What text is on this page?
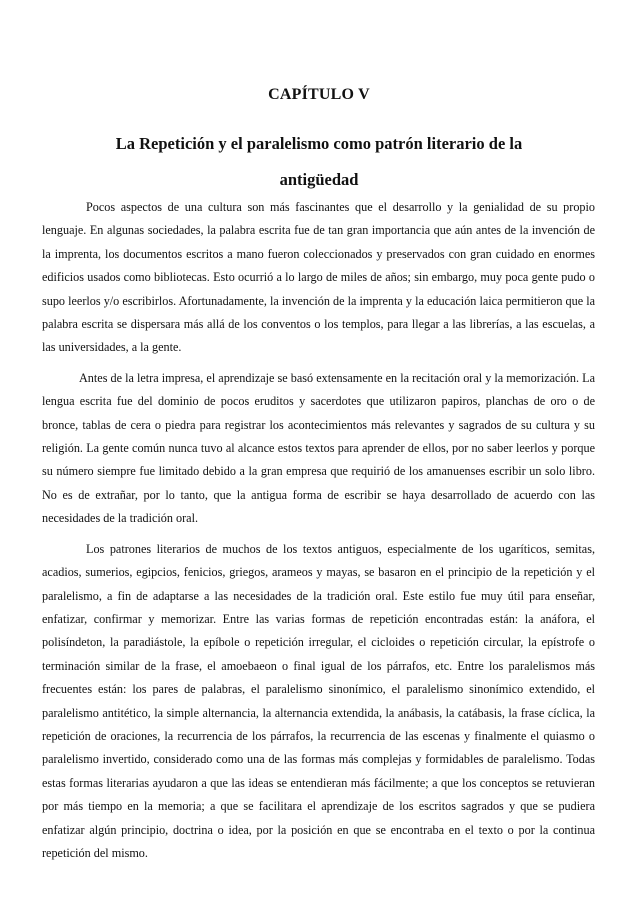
CAPÍTULO V
La Repetición y el paralelismo como patrón literario de la antigüedad

Pocos aspectos de una cultura son más fascinantes que el desarrollo y la genialidad de su propio lenguaje. En algunas sociedades, la palabra escrita fue de tan gran importancia que aún antes de la invención de la imprenta, los documentos escritos a mano fueron coleccionados y preservados con gran cuidado en enormes edificios usados como bibliotecas. Esto ocurrió a lo largo de miles de años; sin embargo, muy poca gente pudo o supo leerlos y/o escribirlos. Afortunadamente, la invención de la imprenta y la educación laica permitieron que la palabra escrita se dispersara más allá de los conventos o los templos, para llegar a las librerías, a las escuelas, a las universidades, a la gente.

Antes de la letra impresa, el aprendizaje se basó extensamente en la recitación oral y la memorización. La lengua escrita fue del dominio de pocos eruditos y sacerdotes que utilizaron papiros, planchas de oro o de bronce, tablas de cera o piedra para registrar los acontecimientos más relevantes y sagrados de su cultura y su religión. La gente común nunca tuvo al alcance estos textos para aprender de ellos, por no saber leerlos y porque su número siempre fue limitado debido a la gran empresa que requirió de los amanuenses escribir un solo libro. No es de extrañar, por lo tanto, que la antigua forma de escribir se haya desarrollado de acuerdo con las necesidades de la tradición oral.

Los patrones literarios de muchos de los textos antiguos, especialmente de los ugaríticos, semitas, acadios, sumerios, egipcios, fenicios, griegos, arameos y mayas, se basaron en el principio de la repetición y el paralelismo, a fin de adaptarse a las necesidades de la tradición oral. Este estilo fue muy útil para enseñar, enfatizar, confirmar y memorizar. Entre las varias formas de repetición encontradas están: la anáfora, el polisíndeton, la paradiástole, la epíbole o repetición irregular, el cicloides o repetición circular, la epístrofe o terminación similar de la frase, el amoebaeon o final igual de los párrafos, etc. Entre los paralelismos más frecuentes están: los pares de palabras, el paralelismo sinonímico, el paralelismo sinonímico extendido, el paralelismo antitético, la simple alternancia, la alternancia extendida, la anábasis, la catábasis, la frase cíclica, la repetición de oraciones, la recurrencia de los párrafos, la recurrencia de las escenas y finalmente el quiasmo o paralelismo invertido, considerado como una de las formas más complejas y formidables de paralelismo. Todas estas formas literarias ayudaron a que las ideas se entendieran más fácilmente; a que los conceptos se retuvieran por más tiempo en la memoria; a que se facilitara el aprendizaje de los escritos sagrados y que se pudiera enfatizar algún principio, doctrina o idea, por la posición en que se encontraba en el texto o por la continua repetición del mismo.
